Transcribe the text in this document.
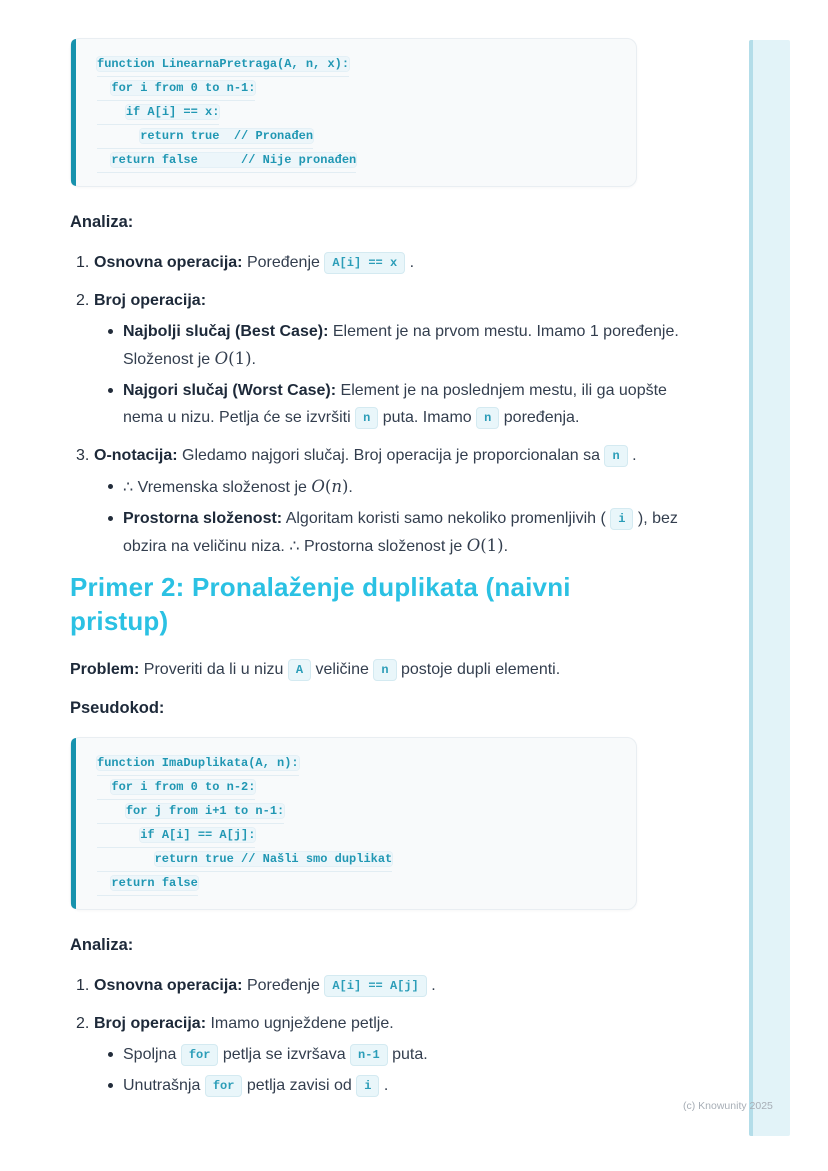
function LinearnaPretraga(A, n, x):
for i from 0 to n-1:
if A[i] == x:
return true  // Pronađen
return false      // Nije pronađen
Analiza:
1. Osnovna operacija: Poređenje A[i] == x .
2. Broj operacija:
Najbolji slučaj (Best Case): Element je na prvom mestu. Imamo 1 poređenje. Složenost je O(1).
Najgori slučaj (Worst Case): Element je na poslednjem mestu, ili ga uopšte nema u nizu. Petlja će se izvršiti n puta. Imamo n poređenja.
3. O-notacija: Gledamo najgori slučaj. Broj operacija je proporcionalan sa n .
∴ Vremenska složenost je O(n).
Prostorna složenost: Algoritam koristi samo nekoliko promenljivih ( i ), bez obzira na veličinu niza. ∴ Prostorna složenost je O(1).
Primer 2: Pronalaženje duplikata (naivni pristup)

Problem: Proveriti da li u nizu A veličine n postoje dupli elementi.

Pseudokod:
function ImaDuplikata(A, n):
for i from 0 to n-2:
for j from i+1 to n-1:
if A[i] == A[j]:
return true // Našli smo duplikat
return false
Analiza:
1. Osnovna operacija: Poređenje A[i] == A[j] .
2. Broj operacija: Imamo ugnježdene petlje.
Spoljna for petlja se izvršava n-1 puta.
Unutrašnja for petlja zavisi od i .
(c) Knowunity 2025
